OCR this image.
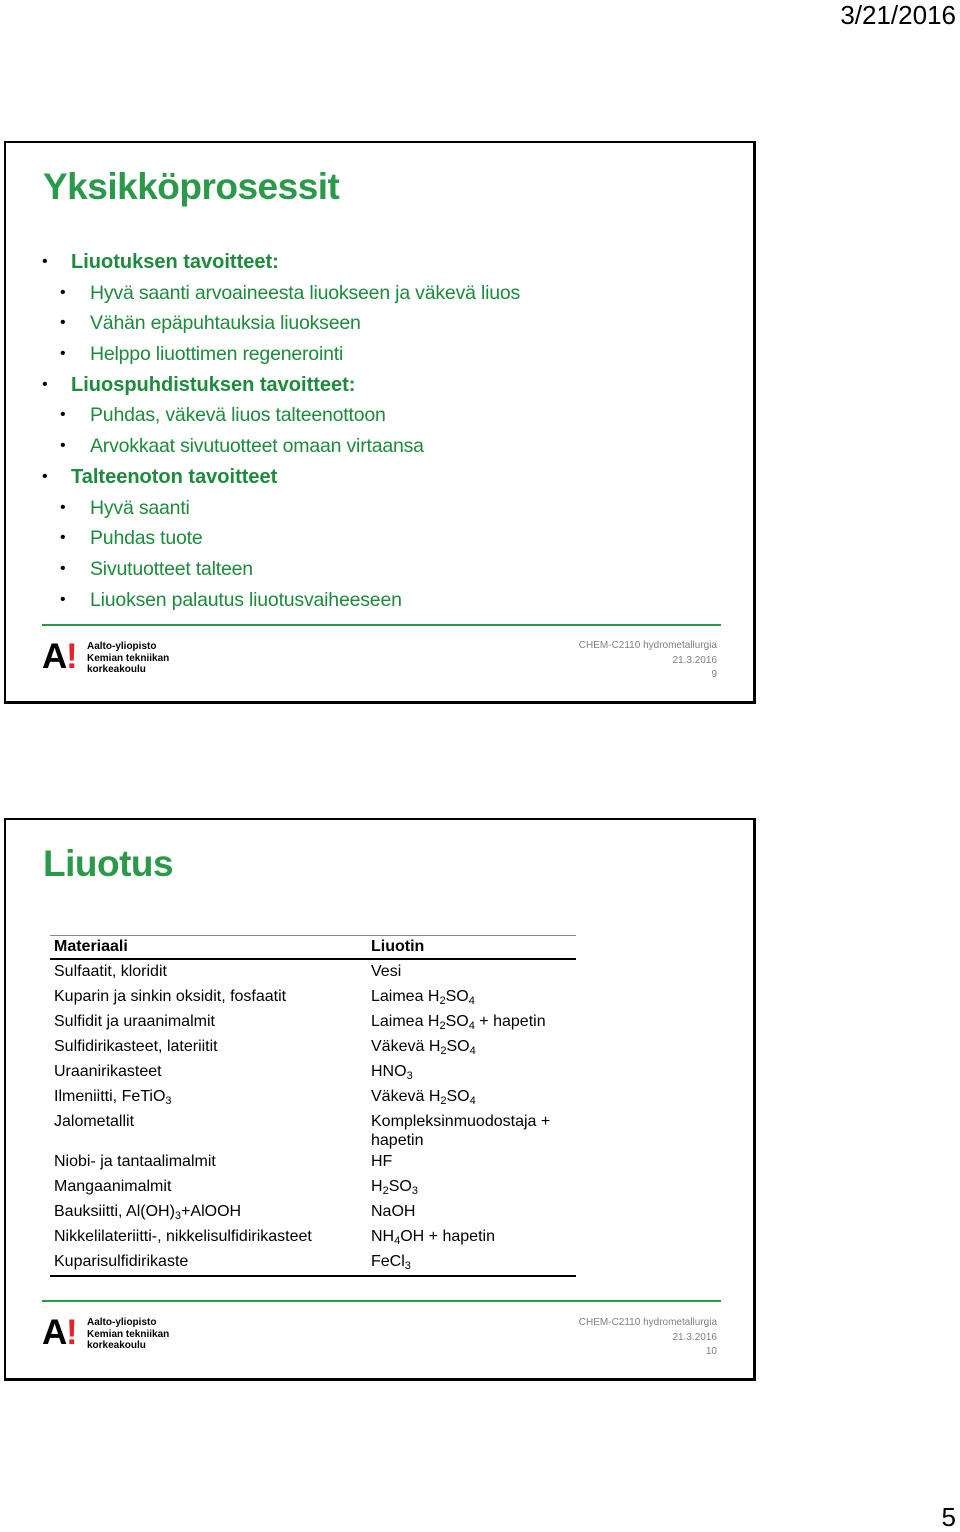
3/21/2016
Yksikköprosessit
• Liuotuksen tavoitteet:
• Hyvä saanti arvoaineesta liuokseen ja väkevä liuos
• Vähän epäpuhtauksia liuokseen
• Helppo liuottimen regenerointi
• Liuospuhdistuksen tavoitteet:
• Puhdas, väkevä liuos talteenottoon
• Arvokkaat sivutuotteet omaan virtaansa
• Talteenoton tavoitteet
• Hyvä saanti
• Puhdas tuote
• Sivutuotteet talteen
• Liuoksen palautus liuotusvaiheeseen
A
! Aalto-yliopisto
Kemian tekniikan
korkeakoulu
CHEM-C2110 hydrometallurgia
21.3.2016
9
Liuotus
Materiaali	Liuotin
Sulfaatit, kloridit	Vesi
Kuparin ja sinkin oksidit, fosfaatit	Laimea $H_2SO_4$
Sulfidit ja uraanimalmit	Laimea $H_2SO_4$ + hapetin
Sulfidirikasteet, lateriitit	Väkevä $H_2SO_4$
Uraanirikasteet	$HNO_3$
Ilmeniitti, FeTiO$_3$	Väkevä $H_2SO_4$
Jalometallit	Kompleksinmuodostaja + hapetin
Niobi- ja tantaalimalmit	HF
Mangaanimalmit	$H_2SO_3$
Bauksiitti, $Al(OH)_3+AlOOH$	NaOH
Nikkelilateriitti-, nikkelisulfidirikasteet	$NH_4OH$ + hapetin
Kuparisulfidirikaste	FeCl$_3$
A
! Aalto-yliopisto
Kemian tekniikan
korkeakoulu
CHEM-C2110 hydrometallurgia
21.3.2016
10
5
